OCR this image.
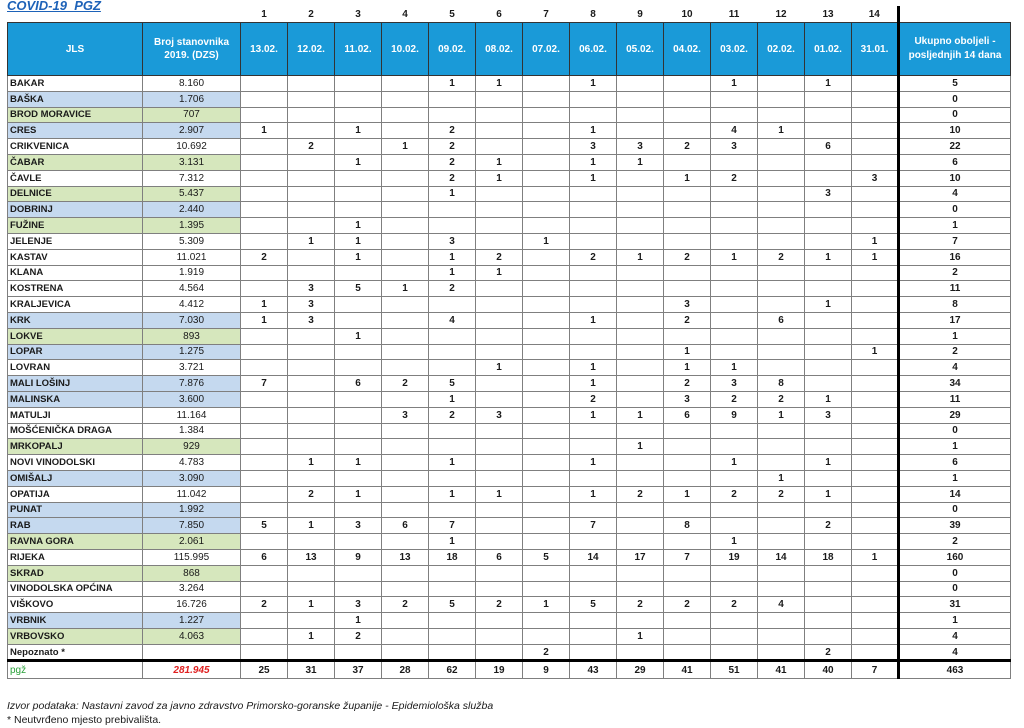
COVID-19_PGZ
		1	2	3	4	5	6	7	8	9	10	11	12	13	14	
JLS	Broj stanovnika 2019. (DZS)	13.02.	12.02.	11.02.	10.02.	09.02.	08.02.	07.02.	06.02.	05.02.	04.02.	03.02.	02.02.	01.02.	31.01.	Ukupno oboljeli - posljednjih 14 dana
BAKAR	8.160					1	1		1			1		1		5
BAŠKA	1.706															0
BROD MORAVICE	707															0
CRES	2.907	1		1		2			1			4	1			10
CRIKVENICA	10.692		2		1	2			3	3	2	3		6		22
ČABAR	3.131			1		2	1		1	1						6
ČAVLE	7.312					2	1		1		1	2			3	10
DELNICE	5.437					1								3		4
DOBRINJ	2.440															0
FUŽINE	1.395			1												1
JELENJE	5.309		1	1		3		1							1	7
KASTAV	11.021	2		1		1	2		2	1	2	1	2	1	1	16
KLANA	1.919					1	1									2
KOSTRENA	4.564		3	5	1	2										11
KRALJEVICA	4.412	1	3								3			1		8
KRK	7.030	1	3			4			1		2		6			17
LOKVE	893			1												1
LOPAR	1.275										1				1	2
LOVRAN	3.721						1		1		1	1				4
MALI LOŠINJ	7.876	7		6	2	5			1		2	3	8			34
MALINSKA	3.600					1			2		3	2	2	1		11
MATULJI	11.164				3	2	3		1	1	6	9	1	3		29
MOŠĆENIČKA DRAGA	1.384															0
MRKOPALJ	929									1						1
NOVI VINODOLSKI	4.783		1	1		1			1			1		1		6
OMIŠALJ	3.090												1			1
OPATIJA	11.042		2	1		1	1		1	2	1	2	2	1		14
PUNAT	1.992															0
RAB	7.850	5	1	3	6	7			7		8			2		39
RAVNA GORA	2.061					1						1				2
RIJEKA	115.995	6	13	9	13	18	6	5	14	17	7	19	14	18	1	160
SKRAD	868															0
VINODOLSKA OPĆINA	3.264															0
VIŠKOVO	16.726	2	1	3	2	5	2	1	5	2	2	2	4			31
VRBNIK	1.227			1												1
VRBOVSKO	4.063		1	2						1						4
Nepoznato *								2						2		4
pgž	281.945	25	31	37	28	62	19	9	43	29	41	51	41	40	7	463
Izvor podataka: Nastavni zavod za javno zdravstvo Primorsko-goranske županije - Epidemiološka služba
* Neutvrđeno mjesto prebivališta.
